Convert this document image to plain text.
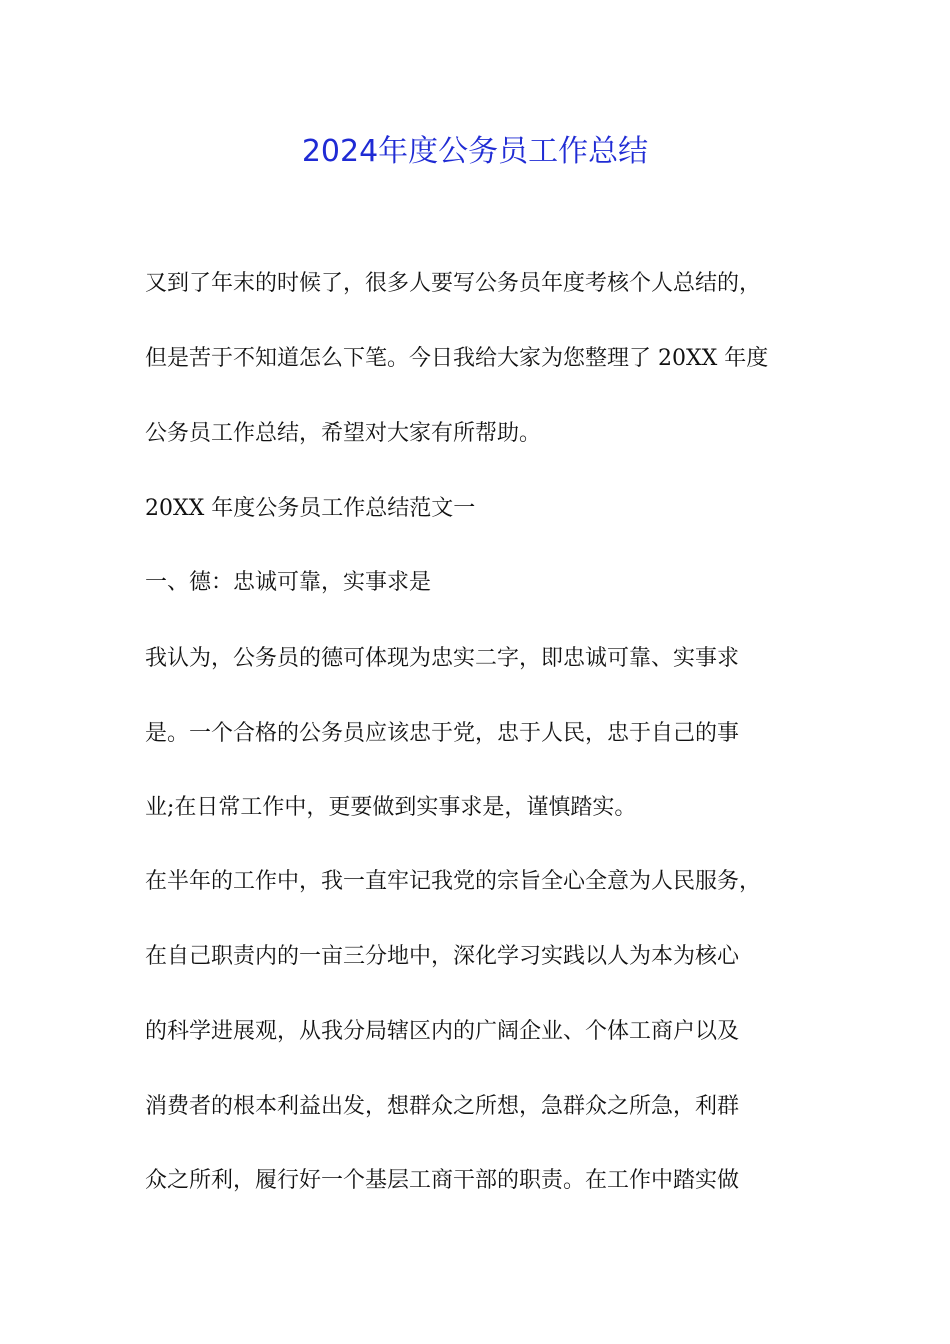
2024年度公务员工作总结

又到了年末的时候了，很多人要写公务员年度考核个人总结的，

但是苦于不知道怎么下笔。今日我给大家为您整理了 20XX 年度

公务员工作总结，希望对大家有所帮助。

20XX 年度公务员工作总结范文一

一、德：忠诚可靠，实事求是

我认为，公务员的德可体现为忠实二字，即忠诚可靠、实事求

是。一个合格的公务员应该忠于党，忠于人民，忠于自己的事

业;在日常工作中，更要做到实事求是，谨慎踏实。

在半年的工作中，我一直牢记我党的宗旨全心全意为人民服务，

在自己职责内的一亩三分地中，深化学习实践以人为本为核心

的科学进展观，从我分局辖区内的广阔企业、个体工商户以及

消费者的根本利益出发，想群众之所想，急群众之所急，利群

众之所利，履行好一个基层工商干部的职责。在工作中踏实做
